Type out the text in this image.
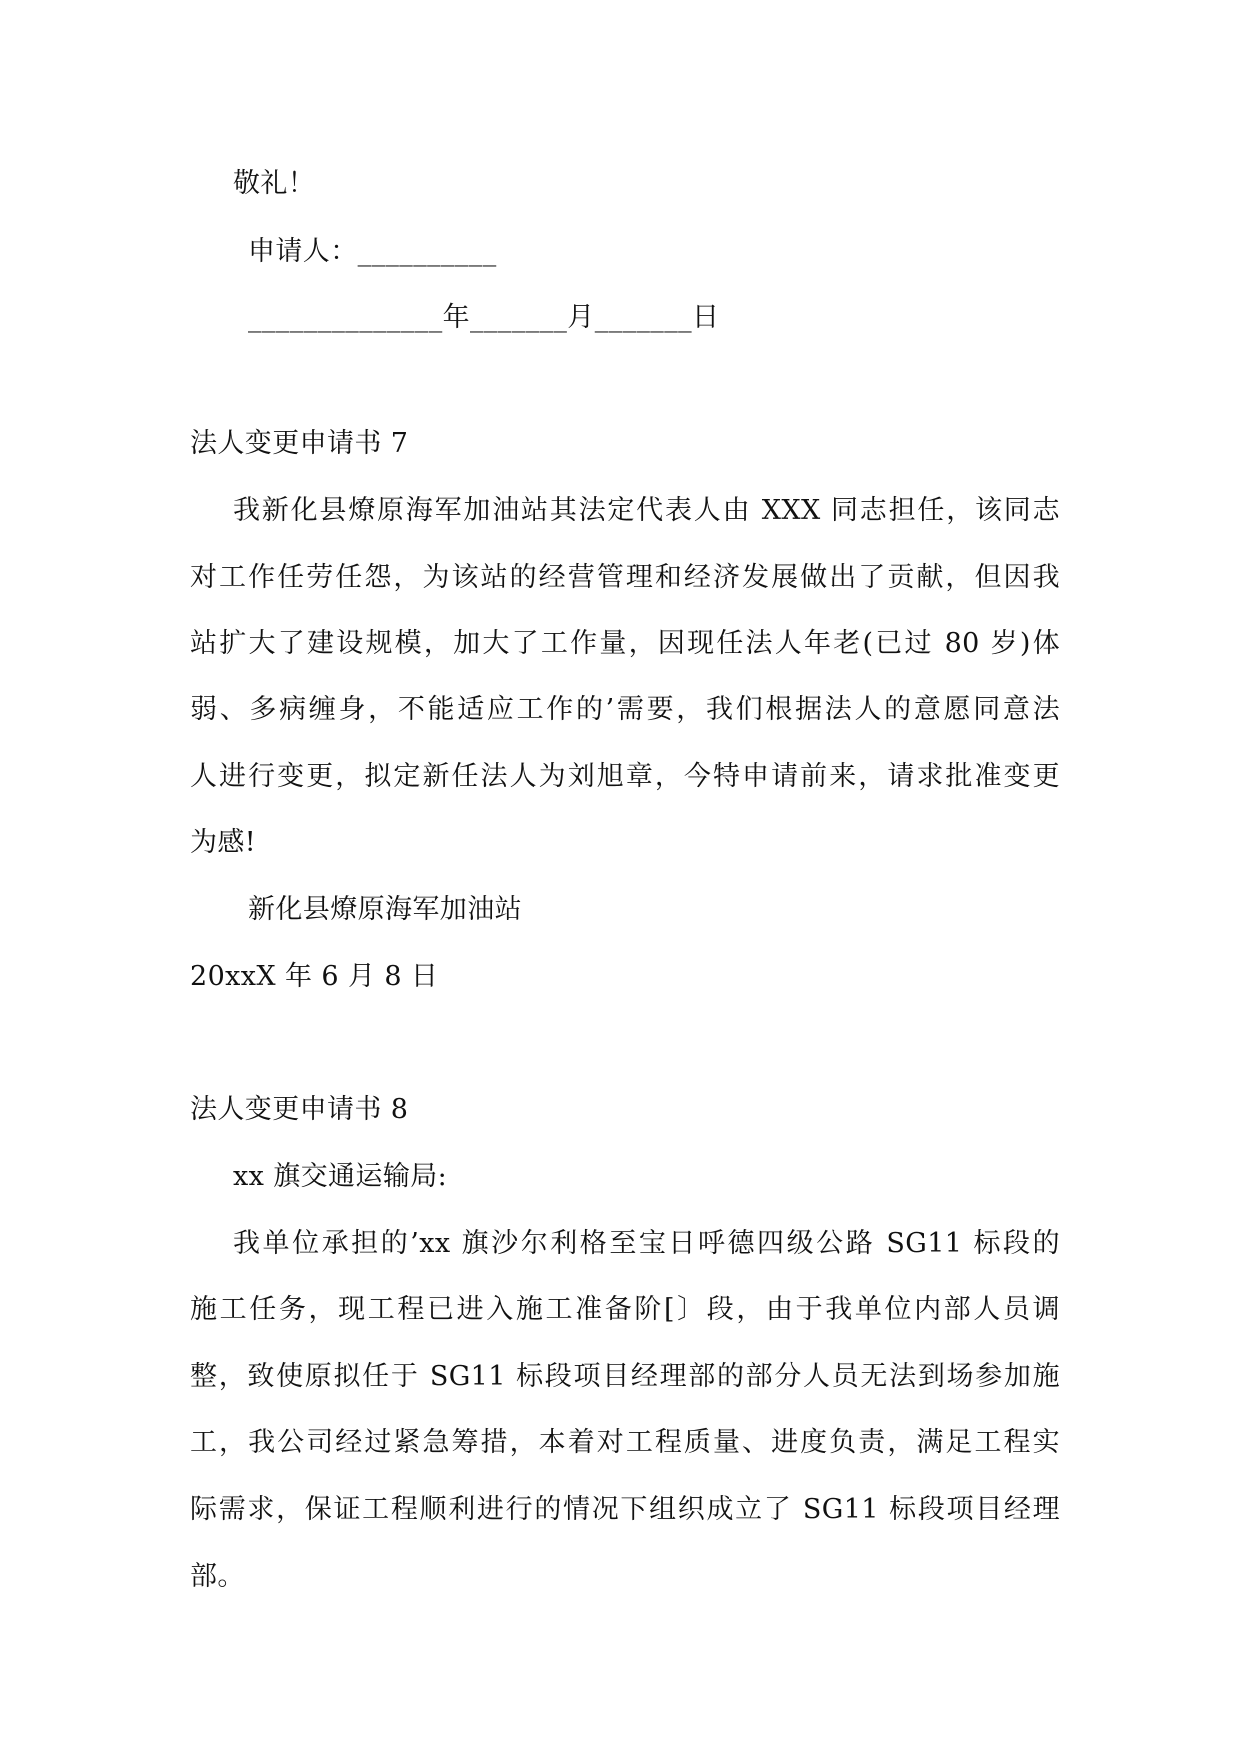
敬礼！
申请人：__________
______________年_______月_______日
法人变更申请书 7
我新化县燎原海军加油站其法定代表人由 XXX 同志担任，该同志
对工作任劳任怨，为该站的经营管理和经济发展做出了贡献，但因我
站扩大了建设规模，加大了工作量，因现任法人年老(已过 80 岁)体
弱、多病缠身，不能适应工作的’需要，我们根据法人的意愿同意法
人进行变更，拟定新任法人为刘旭章，今特申请前来，请求批准变更
为感!
新化县燎原海军加油站
20xxX 年 6 月 8 日
法人变更申请书 8
xx 旗交通运输局:
我单位承担的’xx 旗沙尔利格至宝日呼德四级公路 SG11 标段的
施工任务，现工程已进入施工准备阶[〕段，由于我单位内部人员调
整，致使原拟任于 SG11 标段项目经理部的部分人员无法到场参加施
工，我公司经过紧急筹措，本着对工程质量、进度负责，满足工程实
际需求，保证工程顺利进行的情况下组织成立了 SG11 标段项目经理
部。
